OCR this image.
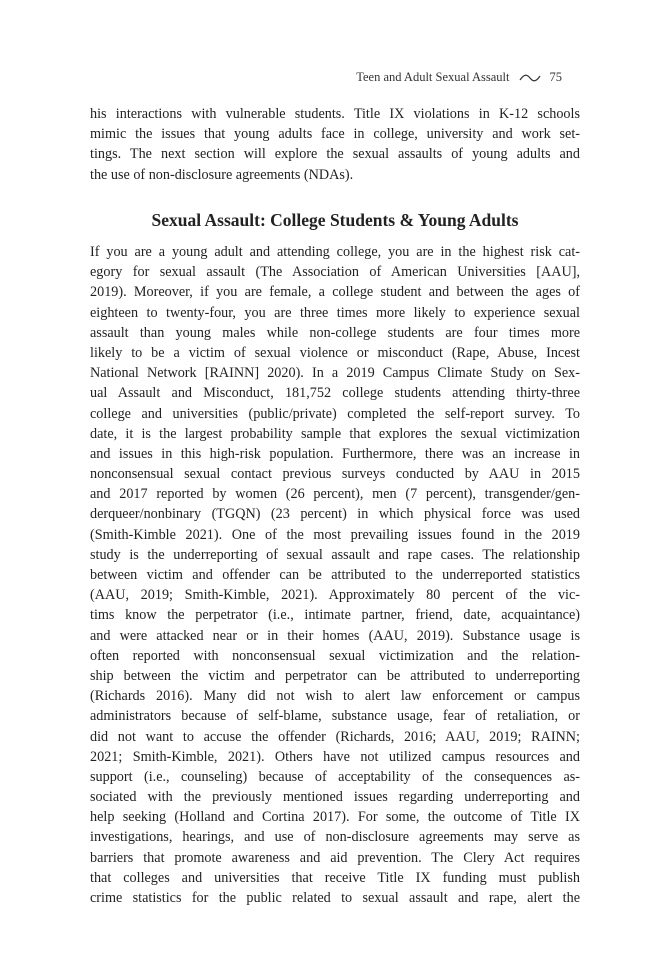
Teen and Adult Sexual Assault	75
his interactions with vulnerable students. Title IX violations in K-12 schools
mimic the issues that young adults face in college, university and work set-
tings. The next section will explore the sexual assaults of young adults and
the use of non-disclosure agreements (NDAs).
Sexual Assault: College Students & Young Adults
If you are a young adult and attending college, you are in the highest risk cat-
egory for sexual assault (The Association of American Universities [AAU],
2019). Moreover, if you are female, a college student and between the ages of
eighteen to twenty-four, you are three times more likely to experience sexual
assault than young males while non-college students are four times more
likely to be a victim of sexual violence or misconduct (Rape, Abuse, Incest
National Network [RAINN] 2020). In a 2019 Campus Climate Study on Sex-
ual Assault and Misconduct, 181,752 college students attending thirty-three
college and universities (public/private) completed the self-report survey. To
date, it is the largest probability sample that explores the sexual victimization
and issues in this high-risk population. Furthermore, there was an increase in
nonconsensual sexual contact previous surveys conducted by AAU in 2015
and 2017 reported by women (26 percent), men (7 percent), transgender/gen-
derqueer/nonbinary (TGQN) (23 percent) in which physical force was used
(Smith-Kimble 2021). One of the most prevailing issues found in the 2019
study is the underreporting of sexual assault and rape cases. The relationship
between victim and offender can be attributed to the underreported statistics
(AAU, 2019; Smith-Kimble, 2021). Approximately 80 percent of the vic-
tims know the perpetrator (i.e., intimate partner, friend, date, acquaintance)
and were attacked near or in their homes (AAU, 2019). Substance usage is
often reported with nonconsensual sexual victimization and the relation-
ship between the victim and perpetrator can be attributed to underreporting
(Richards 2016). Many did not wish to alert law enforcement or campus
administrators because of self-blame, substance usage, fear of retaliation, or
did not want to accuse the offender (Richards, 2016; AAU, 2019; RAINN;
2021; Smith-Kimble, 2021). Others have not utilized campus resources and
support (i.e., counseling) because of acceptability of the consequences as-
sociated with the previously mentioned issues regarding underreporting and
help seeking (Holland and Cortina 2017). For some, the outcome of Title IX
investigations, hearings, and use of non-disclosure agreements may serve as
barriers that promote awareness and aid prevention. The Clery Act requires
that colleges and universities that receive Title IX funding must publish
crime statistics for the public related to sexual assault and rape, alert the
